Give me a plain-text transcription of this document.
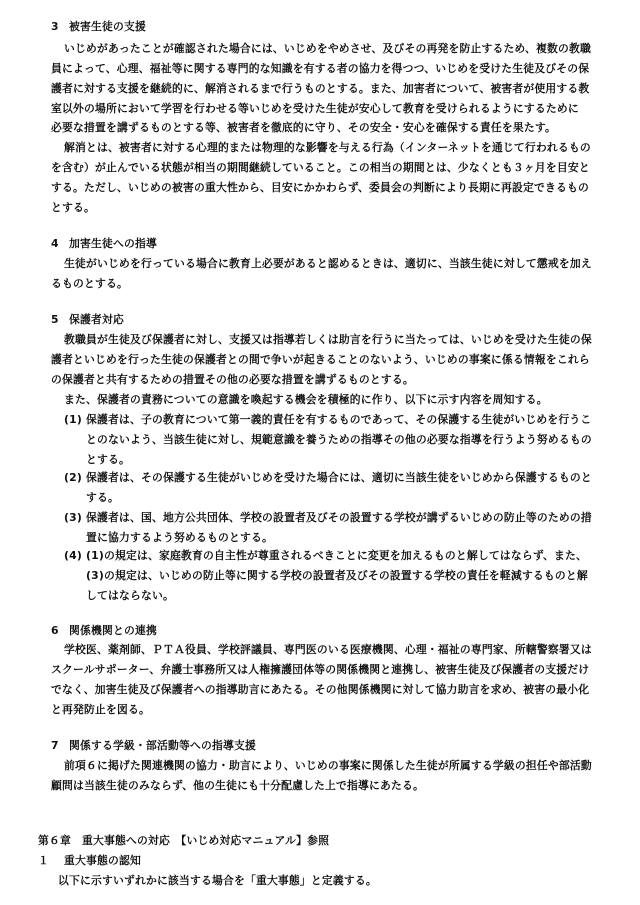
3 被害生徒の支援
いじめがあったことが確認された場合には、いじめをやめさせ、及びその再発を防止するため、複数の教職
員によって、心理、福祉等に関する専門的な知識を有する者の協力を得つつ、いじめを受けた生徒及びその保
護者に対する支援を継続的に、解消されるまで行うものとする。また、加害者について、被害者が使用する教
室以外の場所において学習を行わせる等いじめを受けた生徒が安心して教育を受けられるようにするために
必要な措置を講ずるものとする等、被害者を徹底的に守り、その安全・安心を確保する責任を果たす。
解消とは、被害者に対する心理的または物理的な影響を与える行為（インターネットを通じて行われるもの
を含む）が止んでいる状態が相当の期間継続していること。この相当の期間とは、少なくとも３ヶ月を目安と
する。ただし、いじめの被害の重大性から、目安にかかわらず、委員会の判断により長期に再設定できるもの
とする。
4 加害生徒への指導
生徒がいじめを行っている場合に教育上必要があると認めるときは、適切に、当該生徒に対して懲戒を加え
るものとする。
5 保護者対応
教職員が生徒及び保護者に対し、支援又は指導若しくは助言を行うに当たっては、いじめを受けた生徒の保
護者といじめを行った生徒の保護者との間で争いが起きることのないよう、いじめの事案に係る情報をこれら
の保護者と共有するための措置その他の必要な措置を講ずるものとする。
また、保護者の責務についての意識を喚起する機会を積極的に作り、以下に示す内容を周知する。
(1) 保護者は、子の教育について第一義的責任を有するものであって、その保護する生徒がいじめを行うこ
とのないよう、当該生徒に対し、規範意識を養うための指導その他の必要な指導を行うよう努めるもの
とする。
(2) 保護者は、その保護する生徒がいじめを受けた場合には、適切に当該生徒をいじめから保護するものと
する。
(3) 保護者は、国、地方公共団体、学校の設置者及びその設置する学校が講ずるいじめの防止等のための措
置に協力するよう努めるものとする。
(4) (1)の規定は、家庭教育の自主性が尊重されるべきことに変更を加えるものと解してはならず、また、
(3)の規定は、いじめの防止等に関する学校の設置者及びその設置する学校の責任を軽減するものと解
してはならない。
6 関係機関との連携
学校医、薬剤師、ＰＴＡ役員、学校評議員、専門医のいる医療機関、心理・福祉の専門家、所轄警察署又は
スクールサポーター、弁護士事務所又は人権擁護団体等の関係機関と連携し、被害生徒及び保護者の支援だけ
でなく、加害生徒及び保護者への指導助言にあたる。その他関係機関に対して協力助言を求め、被害の最小化
と再発防止を図る。
7 関係する学級・部活動等への指導支援
前項６に掲げた関連機関の協力・助言により、いじめの事案に関係した生徒が所属する学級の担任や部活動
顧問は当該生徒のみならず、他の生徒にも十分配慮した上で指導にあたる。
第６章　重大事態への対応　【いじめ対応マニュアル】参照
１ 重大事態の認知
以下に示すいずれかに該当する場合を「重大事態」と定義する。
